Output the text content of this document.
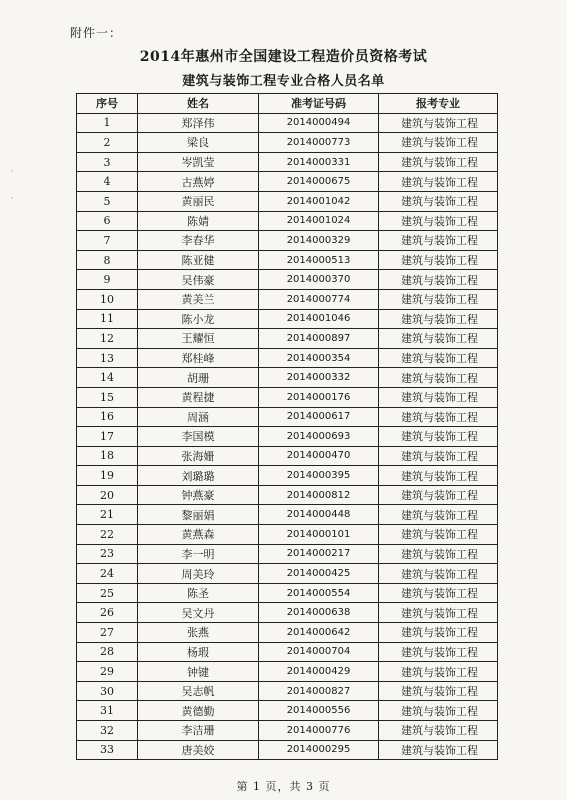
附件一：
2014年惠州市全国建设工程造价员资格考试
建筑与装饰工程专业合格人员名单
˙

˙
序号	姓名	准考证号码	报考专业
1	郑泽伟	2014000494	建筑与装饰工程
2	梁良	2014000773	建筑与装饰工程
3	岑凯莹	2014000331	建筑与装饰工程
4	古燕婷	2014000675	建筑与装饰工程
5	黄丽民	2014001042	建筑与装饰工程
6	陈婧	2014001024	建筑与装饰工程
7	李春华	2014000329	建筑与装饰工程
8	陈亚健	2014000513	建筑与装饰工程
9	吴伟豪	2014000370	建筑与装饰工程
10	黄美兰	2014000774	建筑与装饰工程
11	陈小龙	2014001046	建筑与装饰工程
12	王耀恒	2014000897	建筑与装饰工程
13	郑桂峰	2014000354	建筑与装饰工程
14	胡珊	2014000332	建筑与装饰工程
15	黄程捷	2014000176	建筑与装饰工程
16	周涵	2014000617	建筑与装饰工程
17	李国模	2014000693	建筑与装饰工程
18	张海姗	2014000470	建筑与装饰工程
19	刘璐璐	2014000395	建筑与装饰工程
20	钟燕豪	2014000812	建筑与装饰工程
21	黎丽娟	2014000448	建筑与装饰工程
22	黄燕森	2014000101	建筑与装饰工程
23	李一明	2014000217	建筑与装饰工程
24	周美玲	2014000425	建筑与装饰工程
25	陈圣	2014000554	建筑与装饰工程
26	吴文丹	2014000638	建筑与装饰工程
27	张燕	2014000642	建筑与装饰工程
28	杨瑕	2014000704	建筑与装饰工程
29	钟键	2014000429	建筑与装饰工程
30	吴志帆	2014000827	建筑与装饰工程
31	黄德勤	2014000556	建筑与装饰工程
32	李洁珊	2014000776	建筑与装饰工程
33	唐美姣	2014000295	建筑与装饰工程
第 1 页，共 3 页
